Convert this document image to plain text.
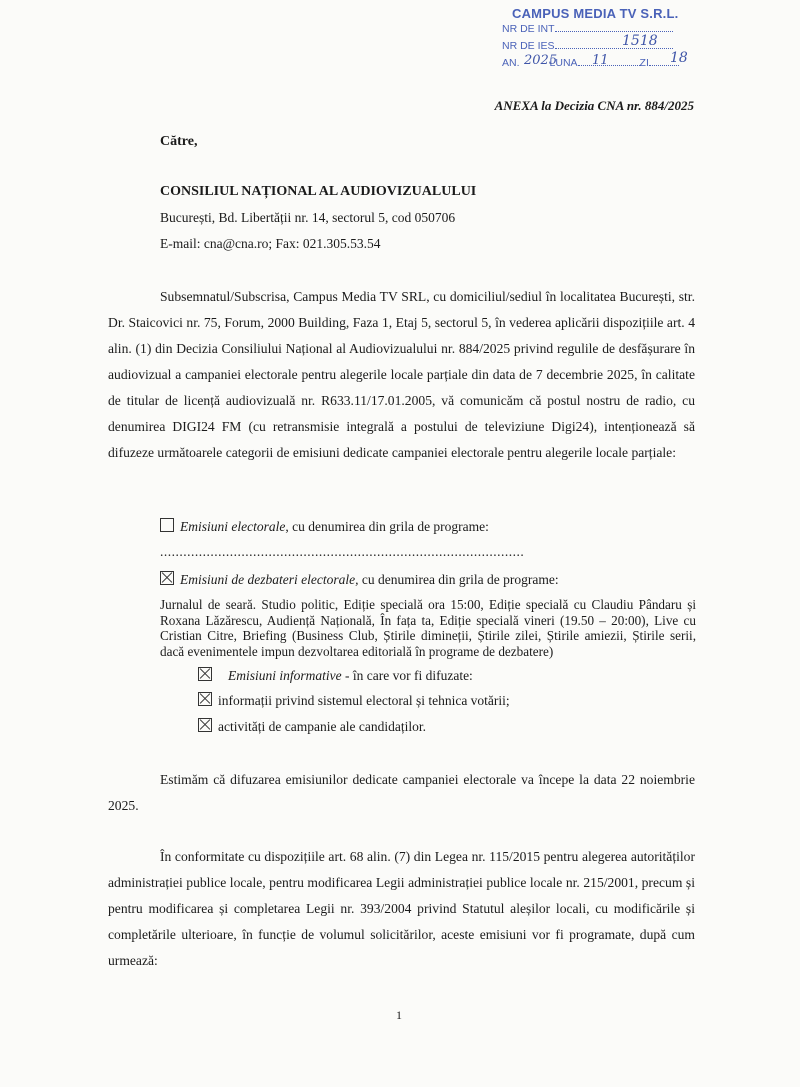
CAMPUS MEDIA TV S.R.L.
NR DE INT
NR DE IES	1518
AN.	LUNA	ZI
2025	11	18
ANEXA la Decizia CNA nr. 884/2025
Către,
CONSILIUL NAȚIONAL AL AUDIOVIZUALULUI
București, Bd. Libertății nr. 14, sectorul 5, cod 050706
E-mail: cna@cna.ro; Fax: 021.305.53.54
Subsemnatul/Subscrisa, Campus Media TV SRL, cu domiciliul/sediul în localitatea București, str. Dr. Staicovici nr. 75, Forum, 2000 Building, Faza 1, Etaj 5, sectorul 5, în vederea aplicării dispozițiile art. 4 alin. (1) din Decizia Consiliului Național al Audiovizualului nr. 884/2025 privind regulile de desfășurare în audiovizual a campaniei electorale pentru alegerile locale parțiale din data de 7 decembrie 2025, în calitate de titular de licență audiovizuală nr. R633.11/17.01.2005, vă comunicăm că postul nostru de radio, cu denumirea DIGI24 FM (cu retransmisie integrală a postului de televiziune Digi24), intenționează să difuzeze următoarele categorii de emisiuni dedicate campaniei electorale pentru alegerile locale parțiale:
Emisiuni electorale, cu denumirea din grila de programe:
..............................................................................................
Emisiuni de dezbateri electorale, cu denumirea din grila de programe:
Jurnalul de seară. Studio politic, Ediție specială ora 15:00, Ediție specială cu Claudiu Pândaru și Roxana Lăzărescu, Audiență Națională, În fața ta, Ediție specială vineri (19.50 – 20:00), Live cu Cristian Citre, Briefing (Business Club, Știrile dimineții, Știrile zilei, Știrile amiezii, Știrile serii, dacă evenimentele impun dezvoltarea editorială în programe de dezbatere)
Emisiuni informative - în care vor fi difuzate:
informații privind sistemul electoral și tehnica votării;
activități de campanie ale candidaților.
Estimăm că difuzarea emisiunilor dedicate campaniei electorale va începe la data 22 noiembrie 2025.
În conformitate cu dispozițiile art. 68 alin. (7) din Legea nr. 115/2015 pentru alegerea autorităților administrației publice locale, pentru modificarea Legii administrației publice locale nr. 215/2001, precum și pentru modificarea și completarea Legii nr. 393/2004 privind Statutul aleșilor locali, cu modificările și completările ulterioare, în funcție de volumul solicitărilor, aceste emisiuni vor fi programate, după cum urmează:
1
